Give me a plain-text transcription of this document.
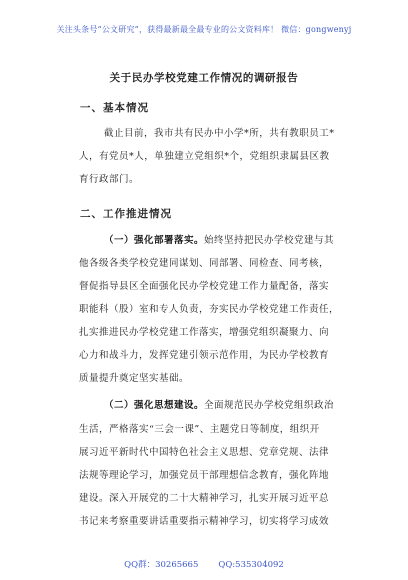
关注头条号“公文研究”，获得最新最全最专业的公文资料库！ 微信：gongwenyj
关于民办学校党建工作情况的调研报告
一、基本情况
截止目前，我市共有民办中小学*所，共有教职员工*
人，有党员*人，单独建立党组织*个，党组织隶属县区教
育行政部门。
二、工作推进情况
（一）强化部署落实。始终坚持把民办学校党建与其
他各级各类学校党建同谋划、同部署、同检查、同考核，
督促指导县区全面强化民办学校党建工作力量配备，落实
职能科（股）室和专人负责，夯实民办学校党建工作责任，
扎实推进民办学校党建工作落实，增强党组织凝聚力、向
心力和战斗力，发挥党建引领示范作用，为民办学校教育
质量提升奠定坚实基础。
（二）强化思想建设。全面规范民办学校党组织政治
生活，严格落实“三会一课”、主题党日等制度，组织开
展习近平新时代中国特色社会主义思想、党章党规、法律
法规等理论学习，加强党员干部理想信念教育，强化阵地
建设。深入开展党的二十大精神学习，扎实开展习近平总
书记来考察重要讲话重要指示精神学习，切实将学习成效
QQ群：30265665 QQ:535304092
